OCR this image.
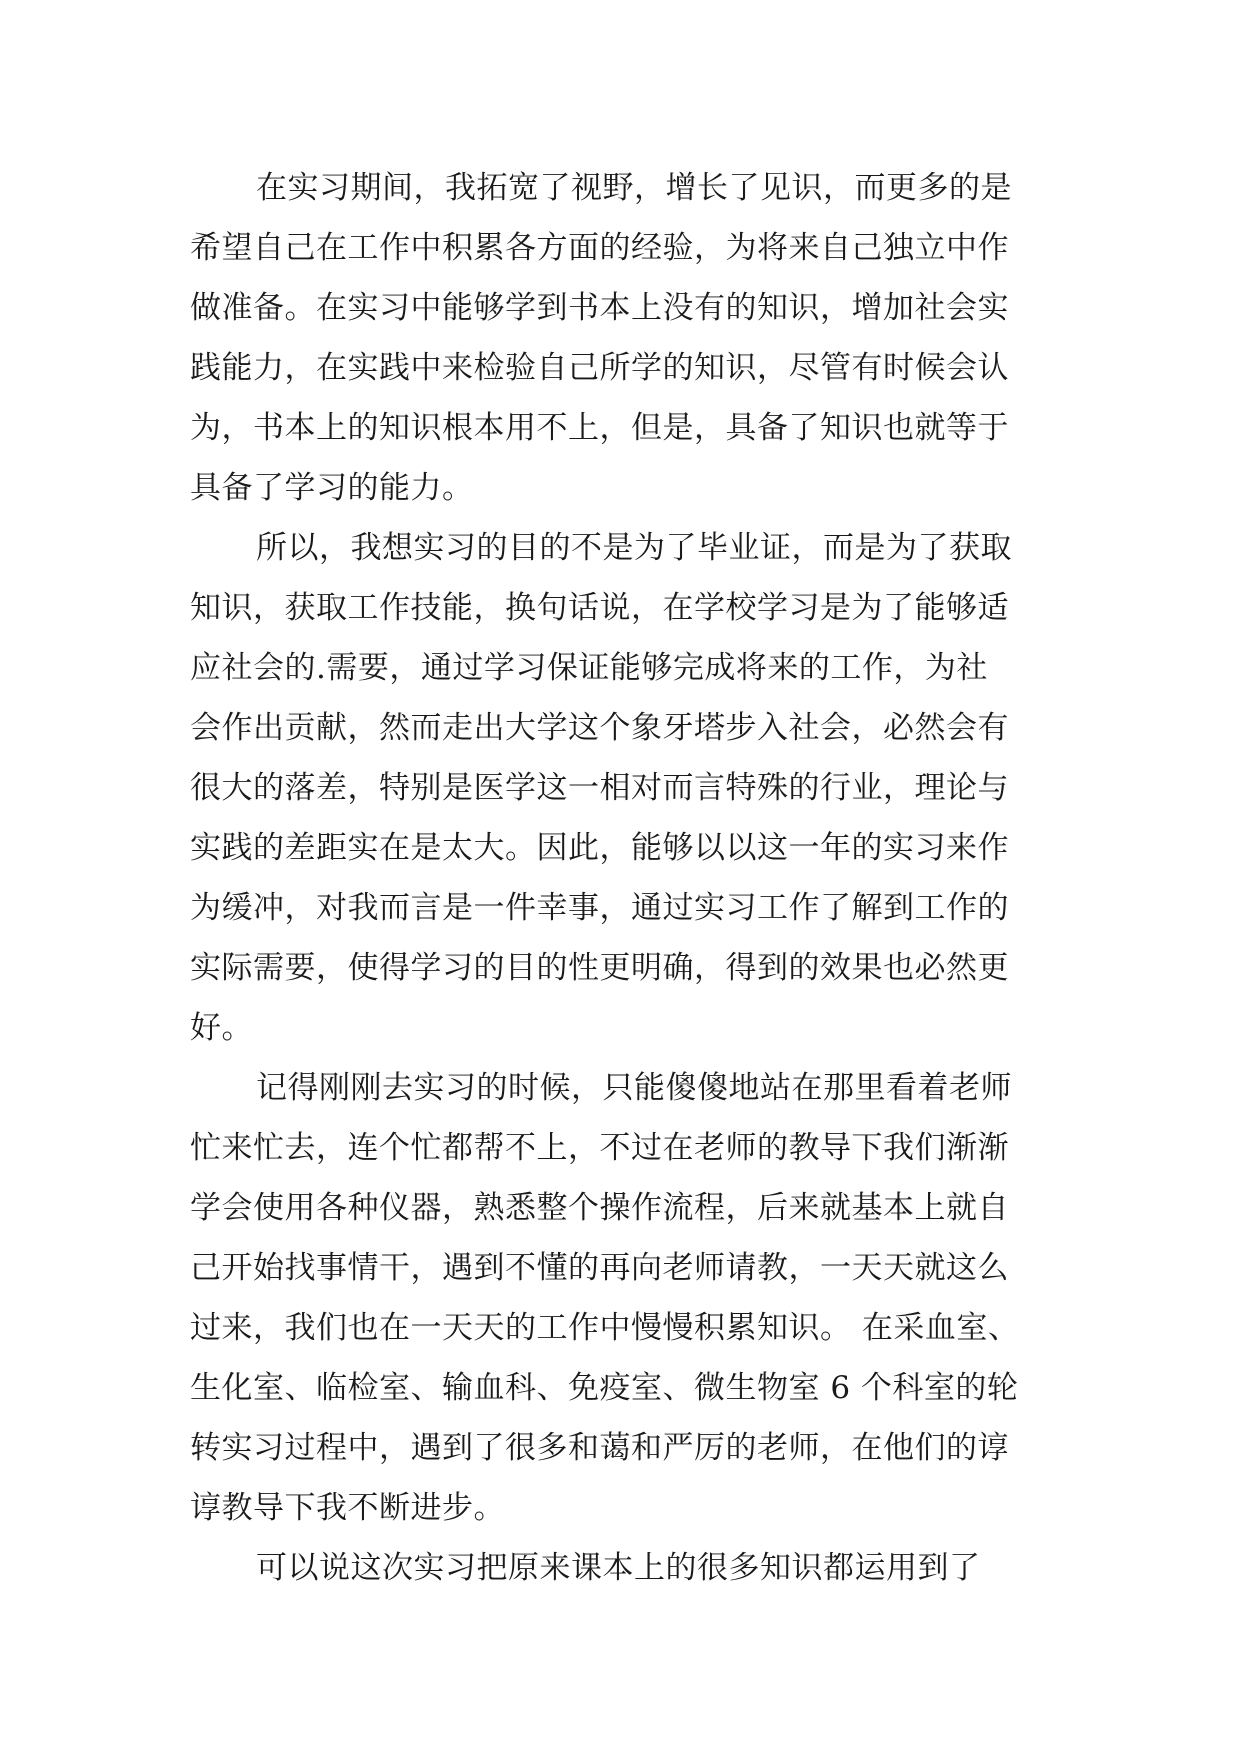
在实习期间，我拓宽了视野，增长了见识，而更多的是
希望自己在工作中积累各方面的经验，为将来自己独立中作
做准备。在实习中能够学到书本上没有的知识，增加社会实
践能力，在实践中来检验自己所学的知识，尽管有时候会认
为，书本上的知识根本用不上，但是，具备了知识也就等于
具备了学习的能力。
所以，我想实习的目的不是为了毕业证，而是为了获取
知识，获取工作技能，换句话说，在学校学习是为了能够适
应社会的.需要，通过学习保证能够完成将来的工作，为社
会作出贡献，然而走出大学这个象牙塔步入社会，必然会有
很大的落差，特别是医学这一相对而言特殊的行业，理论与
实践的差距实在是太大。因此，能够以以这一年的实习来作
为缓冲，对我而言是一件幸事，通过实习工作了解到工作的
实际需要，使得学习的目的性更明确，得到的效果也必然更
好。
记得刚刚去实习的时候，只能傻傻地站在那里看着老师
忙来忙去，连个忙都帮不上，不过在老师的教导下我们渐渐
学会使用各种仪器，熟悉整个操作流程，后来就基本上就自
己开始找事情干，遇到不懂的再向老师请教，一天天就这么
过来，我们也在一天天的工作中慢慢积累知识。 在采血室、
生化室、临检室、输血科、免疫室、微生物室 6 个科室的轮
转实习过程中，遇到了很多和蔼和严厉的老师，在他们的谆
谆教导下我不断进步。
可以说这次实习把原来课本上的很多知识都运用到了
